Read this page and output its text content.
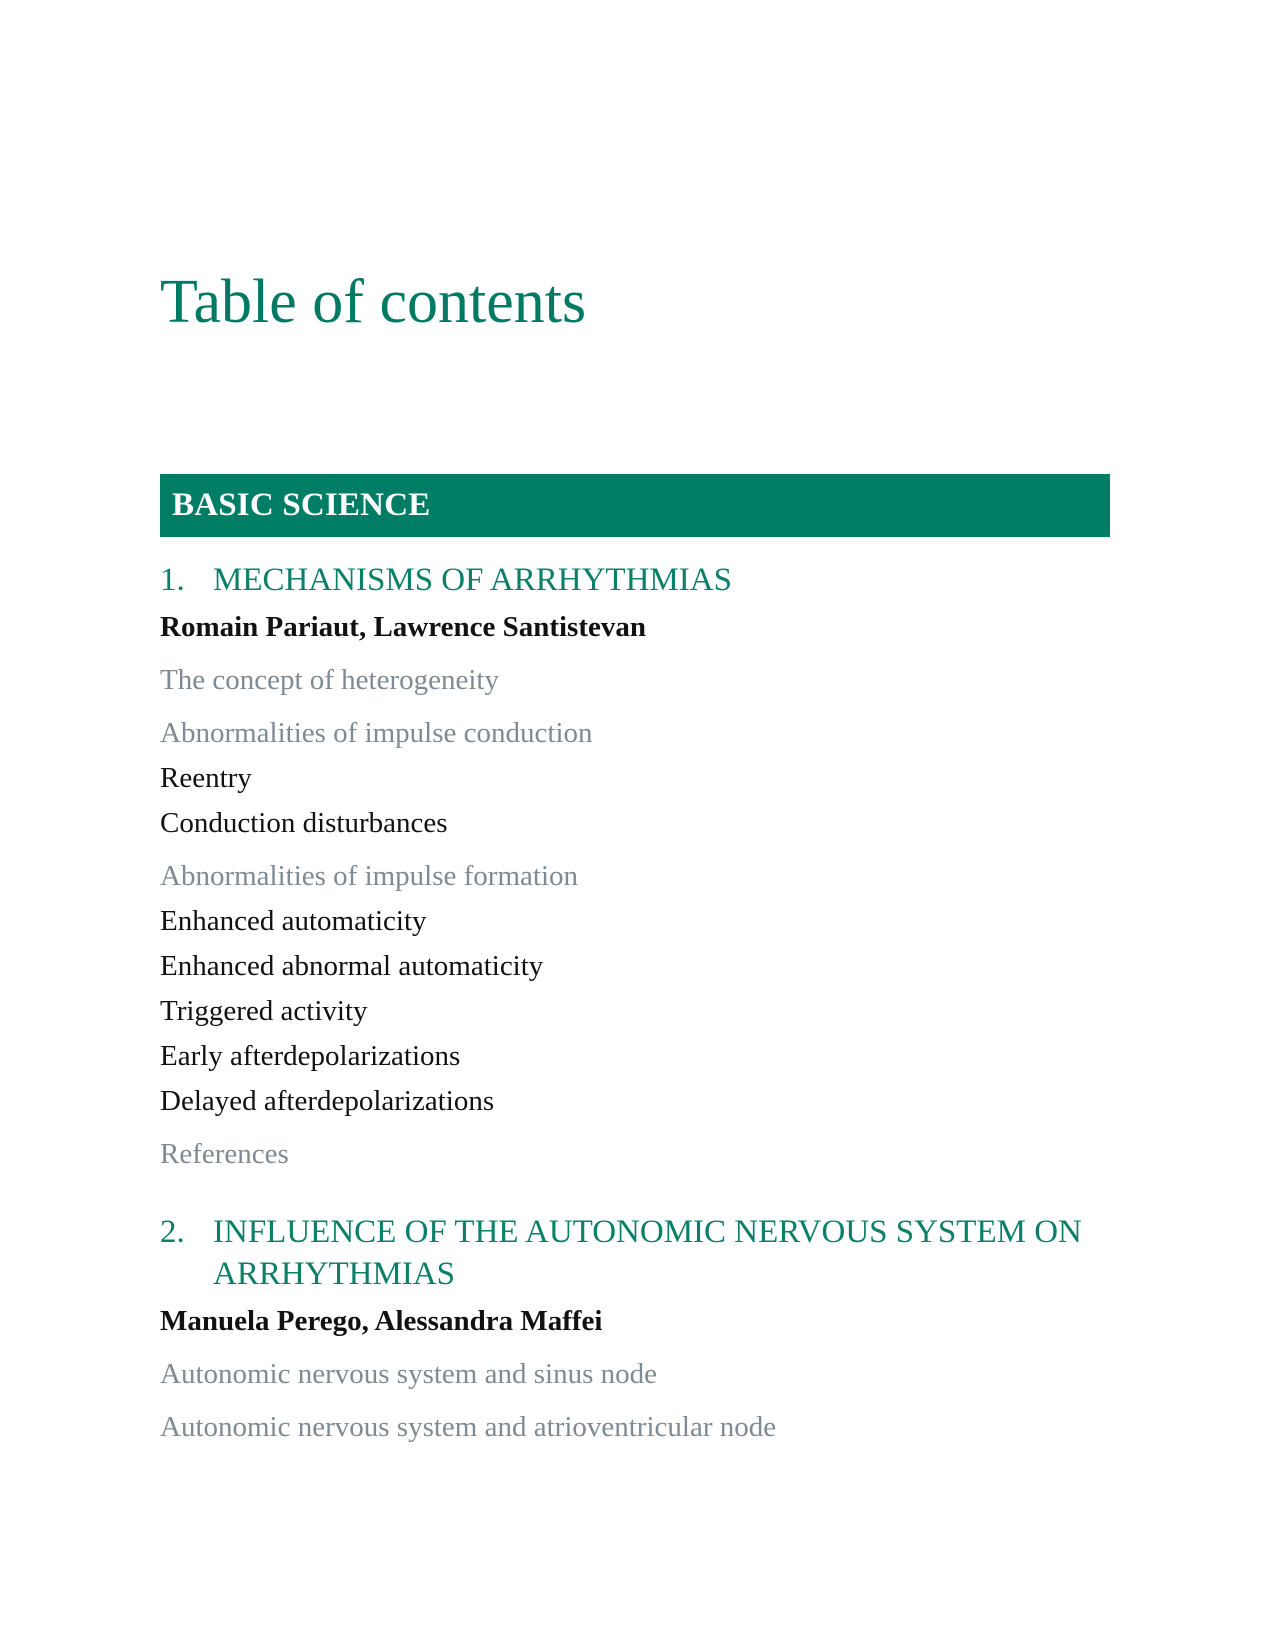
Table of contents
BASIC SCIENCE
1. MECHANISMS OF ARRHYTHMIAS
Romain Pariaut, Lawrence Santistevan
The concept of heterogeneity
Abnormalities of impulse conduction
Reentry
Conduction disturbances
Abnormalities of impulse formation
Enhanced automaticity
Enhanced abnormal automaticity
Triggered activity
Early afterdepolarizations
Delayed afterdepolarizations
References
2. INFLUENCE OF THE AUTONOMIC NERVOUS SYSTEM ON ARRHYTHMIAS
Manuela Perego, Alessandra Maffei
Autonomic nervous system and sinus node
Autonomic nervous system and atrioventricular node
